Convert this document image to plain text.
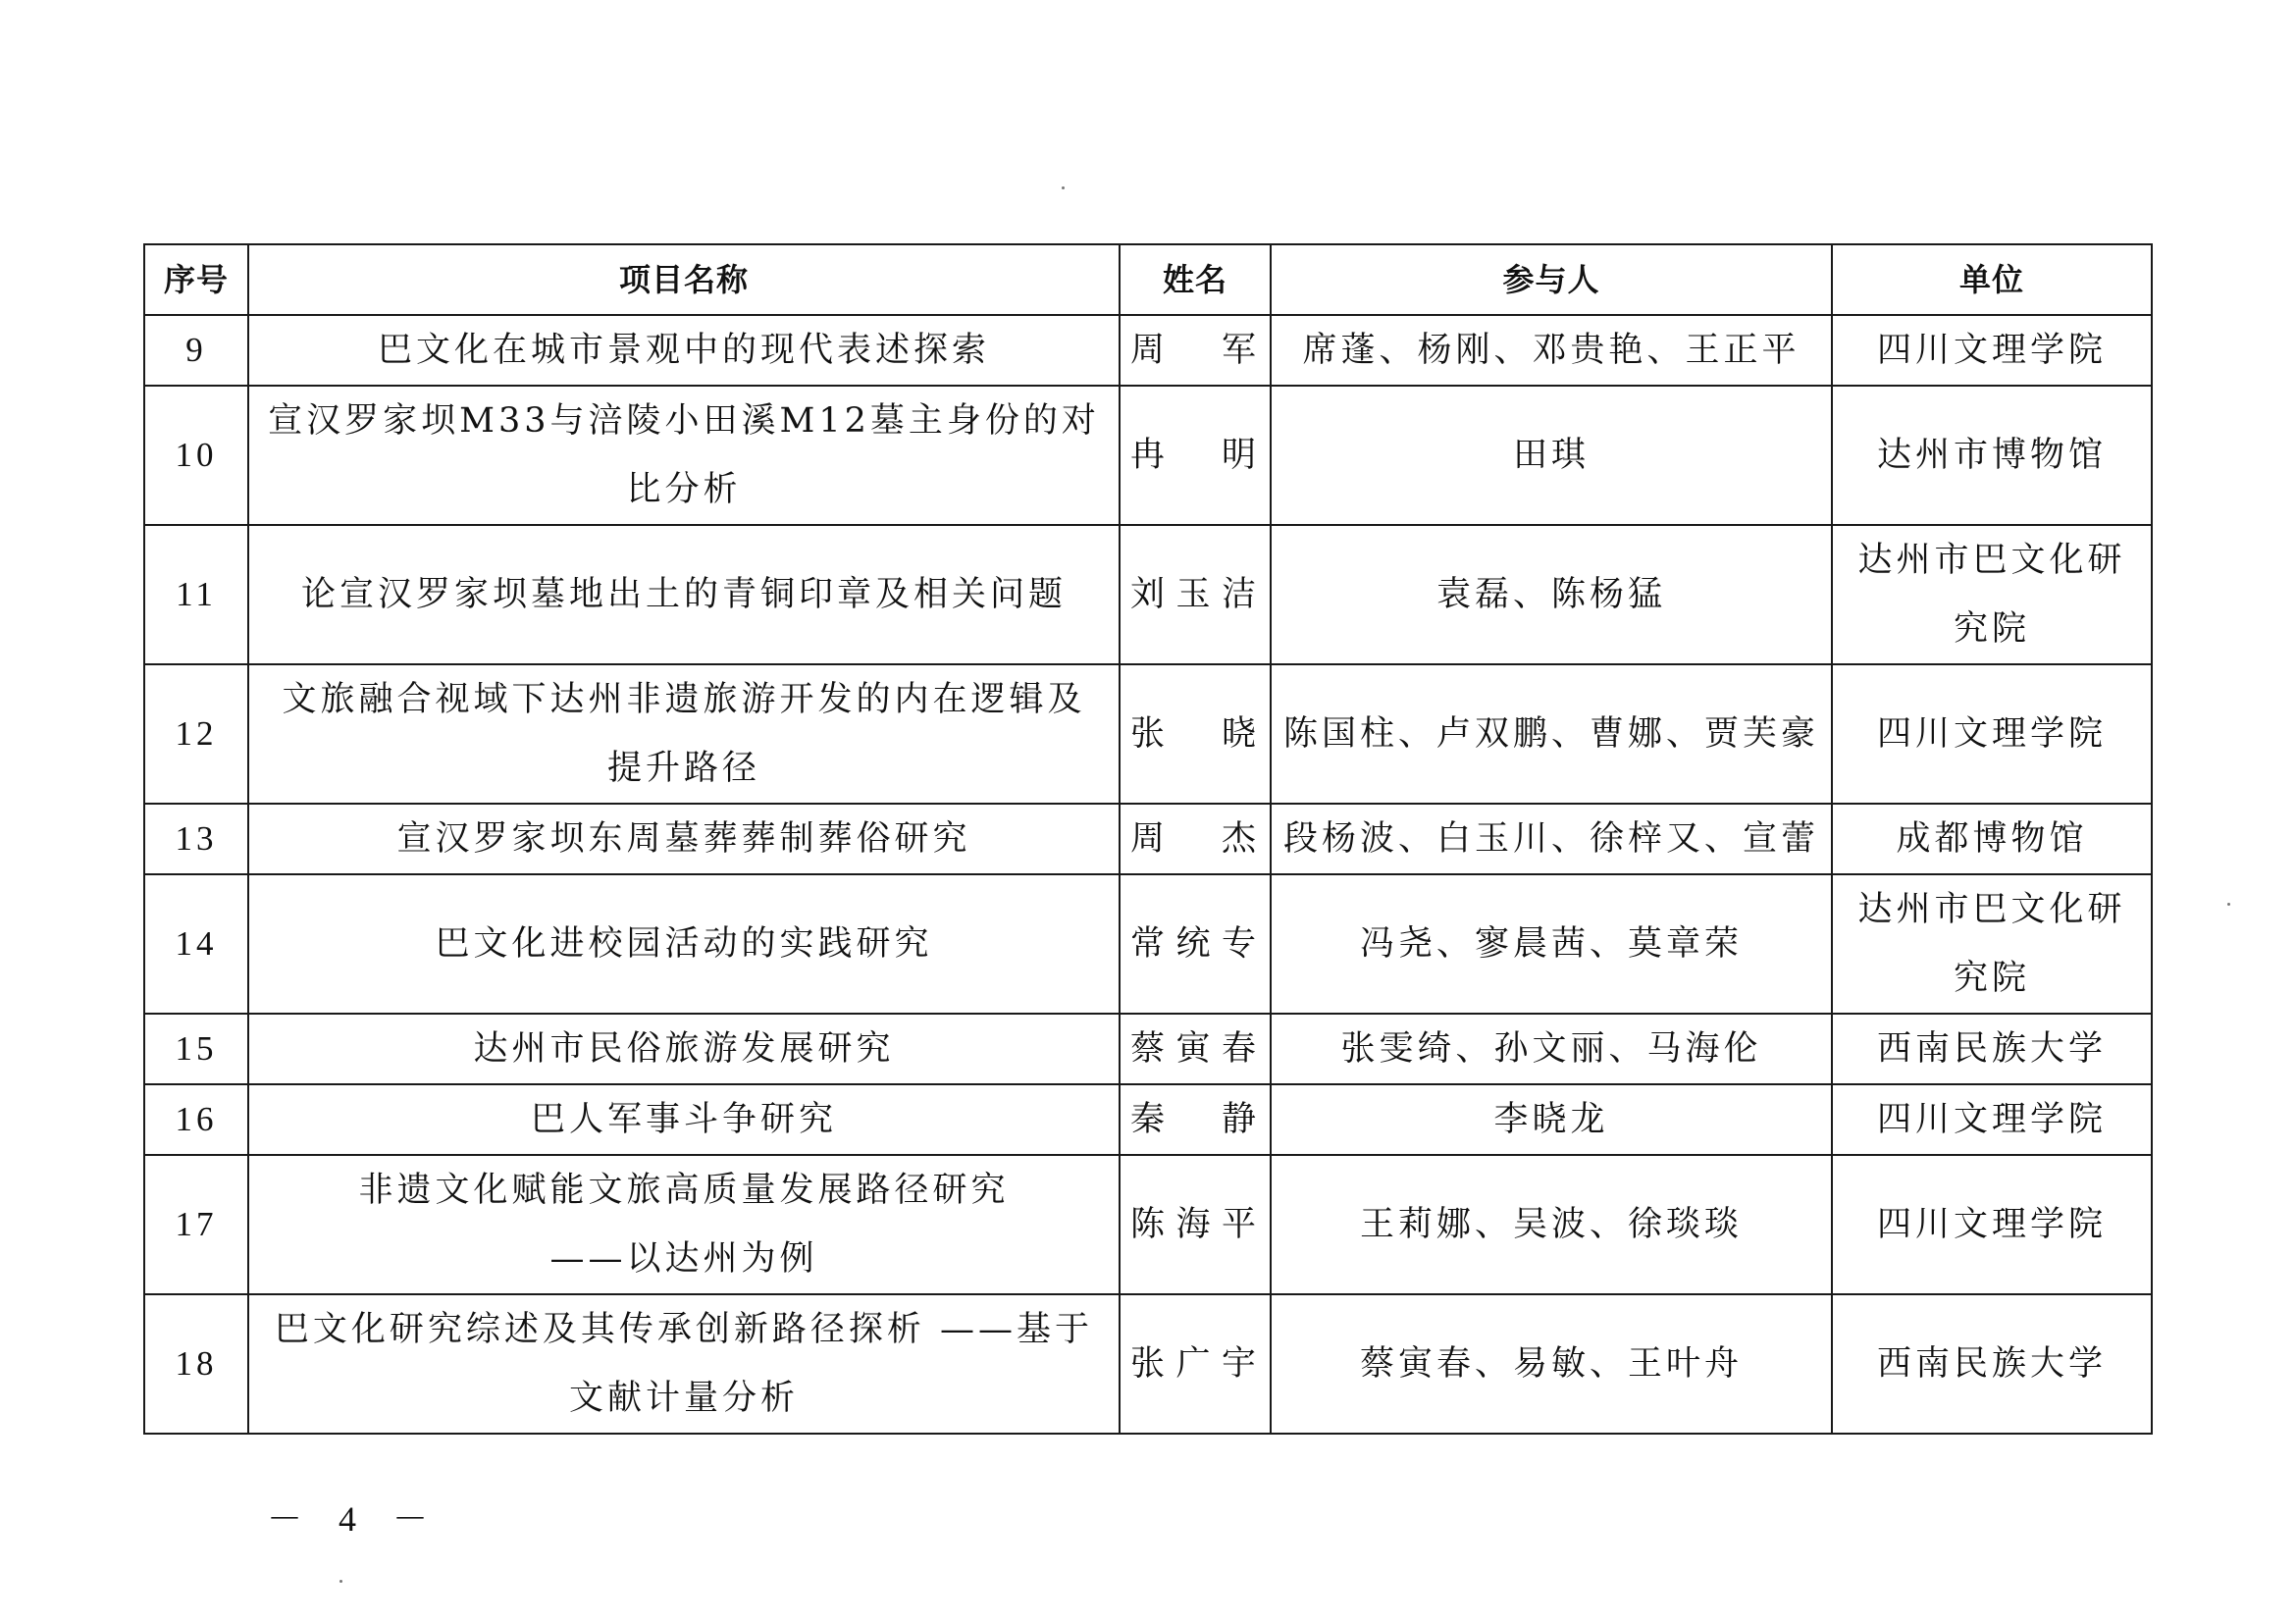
序号	项目名称	姓名	参与人	单位
9	巴文化在城市景观中的现代表述探索	周 军	席蓬、杨刚、邓贵艳、王正平	四川文理学院

10	宣汉罗家坝M33与涪陵小田溪M12墓主身份的对
比分析	冉 明	田琪	达州市博物馆

11	论宣汉罗家坝墓地出土的青铜印章及相关问题	刘玉洁	袁磊、陈杨猛	达州市巴文化研
究院

12	文旅融合视域下达州非遗旅游开发的内在逻辑及
提升路径	张 晓	陈国柱、卢双鹏、曹娜、贾芙豪	四川文理学院

13	宣汉罗家坝东周墓葬葬制葬俗研究	周 杰	段杨波、白玉川、徐梓又、宣蕾	成都博物馆

14	巴文化进校园活动的实践研究	常统专	冯尧、寥晨茜、莫章荣	达州市巴文化研
究院

15	达州市民俗旅游发展研究	蔡寅春	张雯绮、孙文丽、马海伦	西南民族大学

16	巴人军事斗争研究	秦 静	李晓龙	四川文理学院

17	非遗文化赋能文旅高质量发展路径研究
——以达州为例	陈海平	王莉娜、吴波、徐琰琰	四川文理学院

18	巴文化研究综述及其传承创新路径探析 ——基于
文献计量分析	张广宇	蔡寅春、易敏、王叶舟	西南民族大学
－ 4 －
